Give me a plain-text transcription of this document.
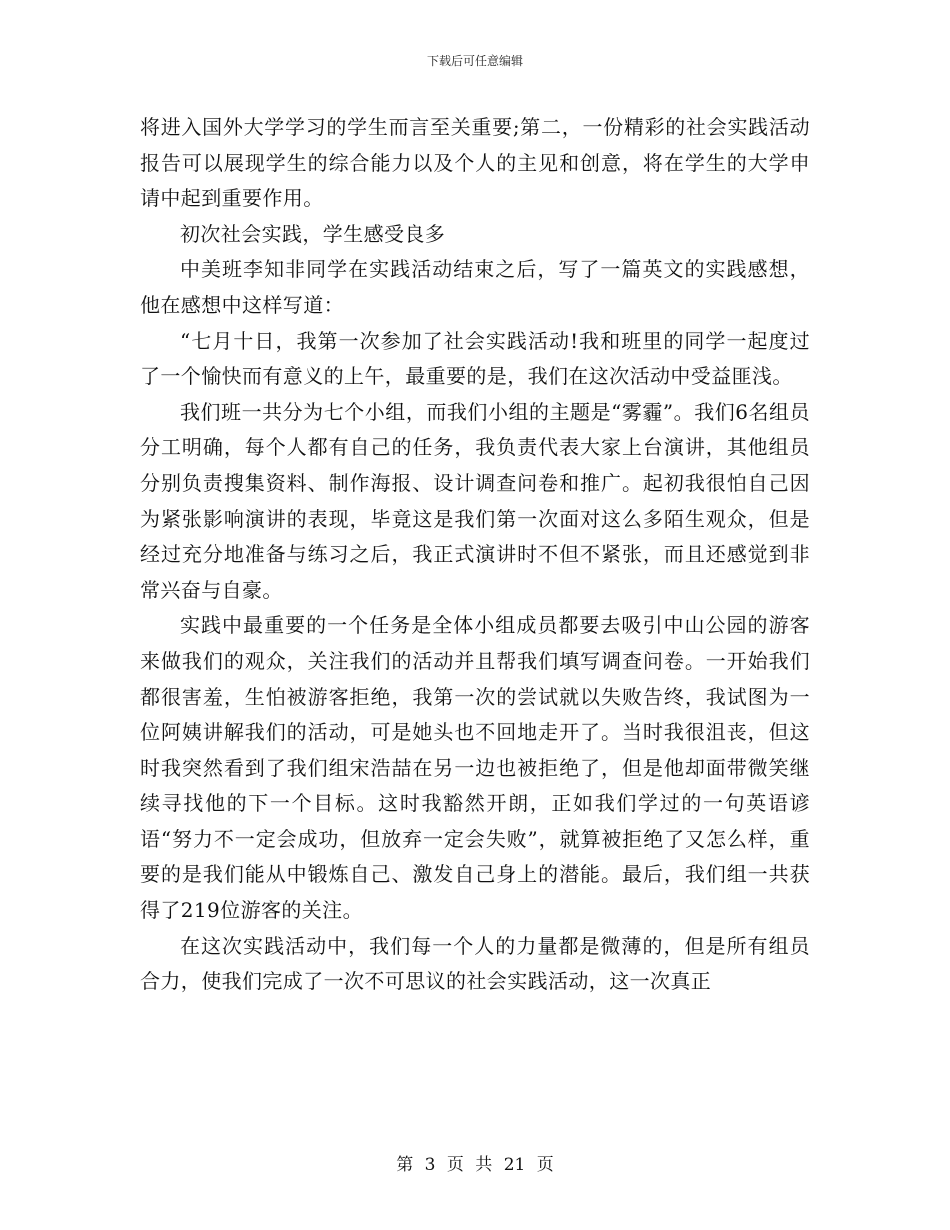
下载后可任意编辑

将进入国外大学学习的学生而言至关重要;第二，一份精彩的社会实践活动报告可以展现学生的综合能力以及个人的主见和创意，将在学生的大学申请中起到重要作用。

初次社会实践，学生感受良多

中美班李知非同学在实践活动结束之后，写了一篇英文的实践感想，他在感想中这样写道：

“七月十日，我第一次参加了社会实践活动!我和班里的同学一起度过了一个愉快而有意义的上午，最重要的是，我们在这次活动中受益匪浅。

我们班一共分为七个小组，而我们小组的主题是“雾霾”。我们6名组员分工明确，每个人都有自己的任务，我负责代表大家上台演讲，其他组员分别负责搜集资料、制作海报、设计调查问卷和推广。起初我很怕自己因为紧张影响演讲的表现，毕竟这是我们第一次面对这么多陌生观众，但是经过充分地准备与练习之后，我正式演讲时不但不紧张，而且还感觉到非常兴奋与自豪。

实践中最重要的一个任务是全体小组成员都要去吸引中山公园的游客来做我们的观众，关注我们的活动并且帮我们填写调查问卷。一开始我们都很害羞，生怕被游客拒绝，我第一次的尝试就以失败告终，我试图为一位阿姨讲解我们的活动，可是她头也不回地走开了。当时我很沮丧，但这时我突然看到了我们组宋浩喆在另一边也被拒绝了，但是他却面带微笑继续寻找他的下一个目标。这时我豁然开朗，正如我们学过的一句英语谚语“努力不一定会成功，但放弃一定会失败”，就算被拒绝了又怎么样，重要的是我们能从中锻炼自己、激发自己身上的潜能。最后，我们组一共获得了219位游客的关注。

在这次实践活动中，我们每一个人的力量都是微薄的，但是所有组员合力，使我们完成了一次不可思议的社会实践活动，这一次真正

第 3 页 共 21 页
